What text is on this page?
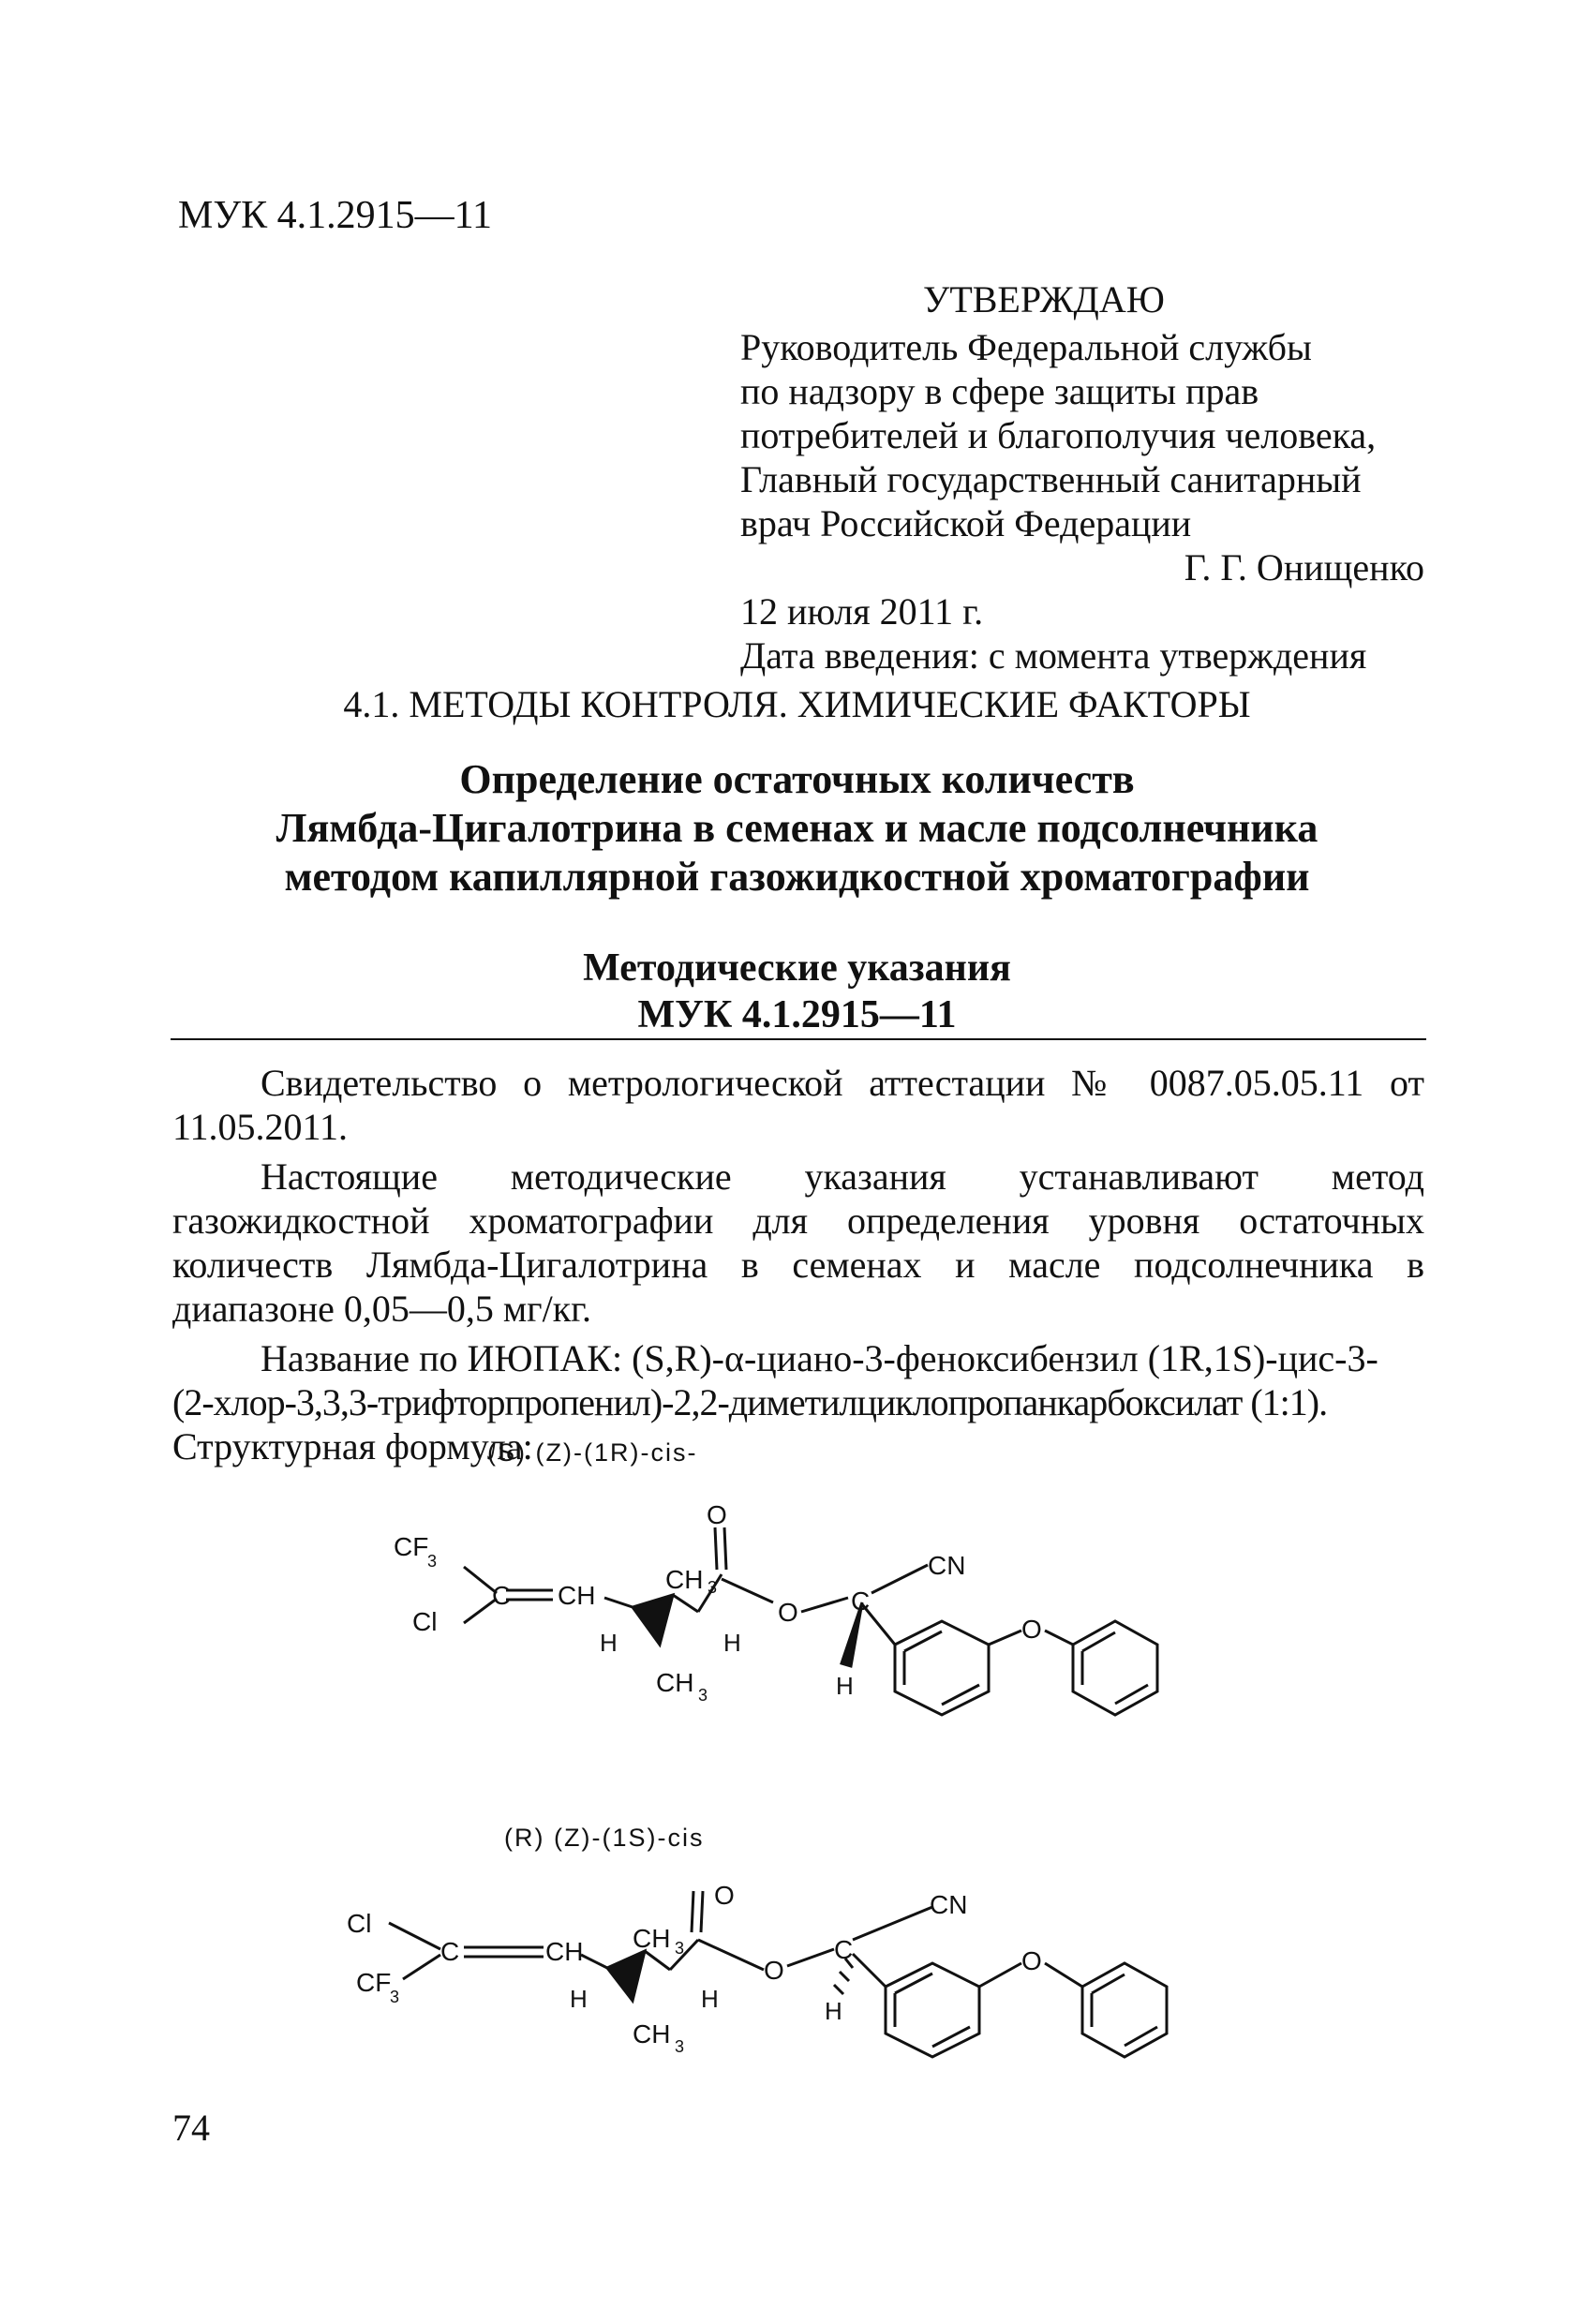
МУК 4.1.2915—11
УТВЕРЖДАЮ
Руководитель Федеральной службы
по надзору в сфере защиты прав
потребителей и благополучия человека,
Главный государственный санитарный
врач Российской Федерации
Г. Г. Онищенко
12 июля 2011 г.
Дата введения: с момента утверждения
4.1. МЕТОДЫ КОНТРОЛЯ. ХИМИЧЕСКИЕ ФАКТОРЫ
Определение остаточных количеств
Лямбда-Цигалотрина в семенах и масле подсолнечника
методом капиллярной газожидкостной хроматографии
Методические указания
МУК 4.1.2915—11

Свидетельство о метрологической аттестации № 0087.05.05.11 от 11.05.2011.

Настоящие методические указания устанавливают метод газожидкостной хроматографии для определения уровня остаточных количеств Лямбда-Цигалотрина в семенах и масле подсолнечника в диапазоне 0,05—0,5 мг/кг.

Название по ИЮПАК: (S,R)-α-циано-3-феноксибензил (1R,1S)-цис-3-

(2-хлор-3,3,3-трифторпропенил)-2,2-диметилциклопропанкарбоксилат (1:1).

Структурная формула:

(S) (Z)-(1R)-cis-
CF
3
Cl
C CH
CH 3
H	H
CH 3
O
O C
CN
H
O
(R) (Z)-(1S)-cis
Cl
CF
3
C	CH CH 3
H	H
CH 3
O
O
C
CN
H
O
74
